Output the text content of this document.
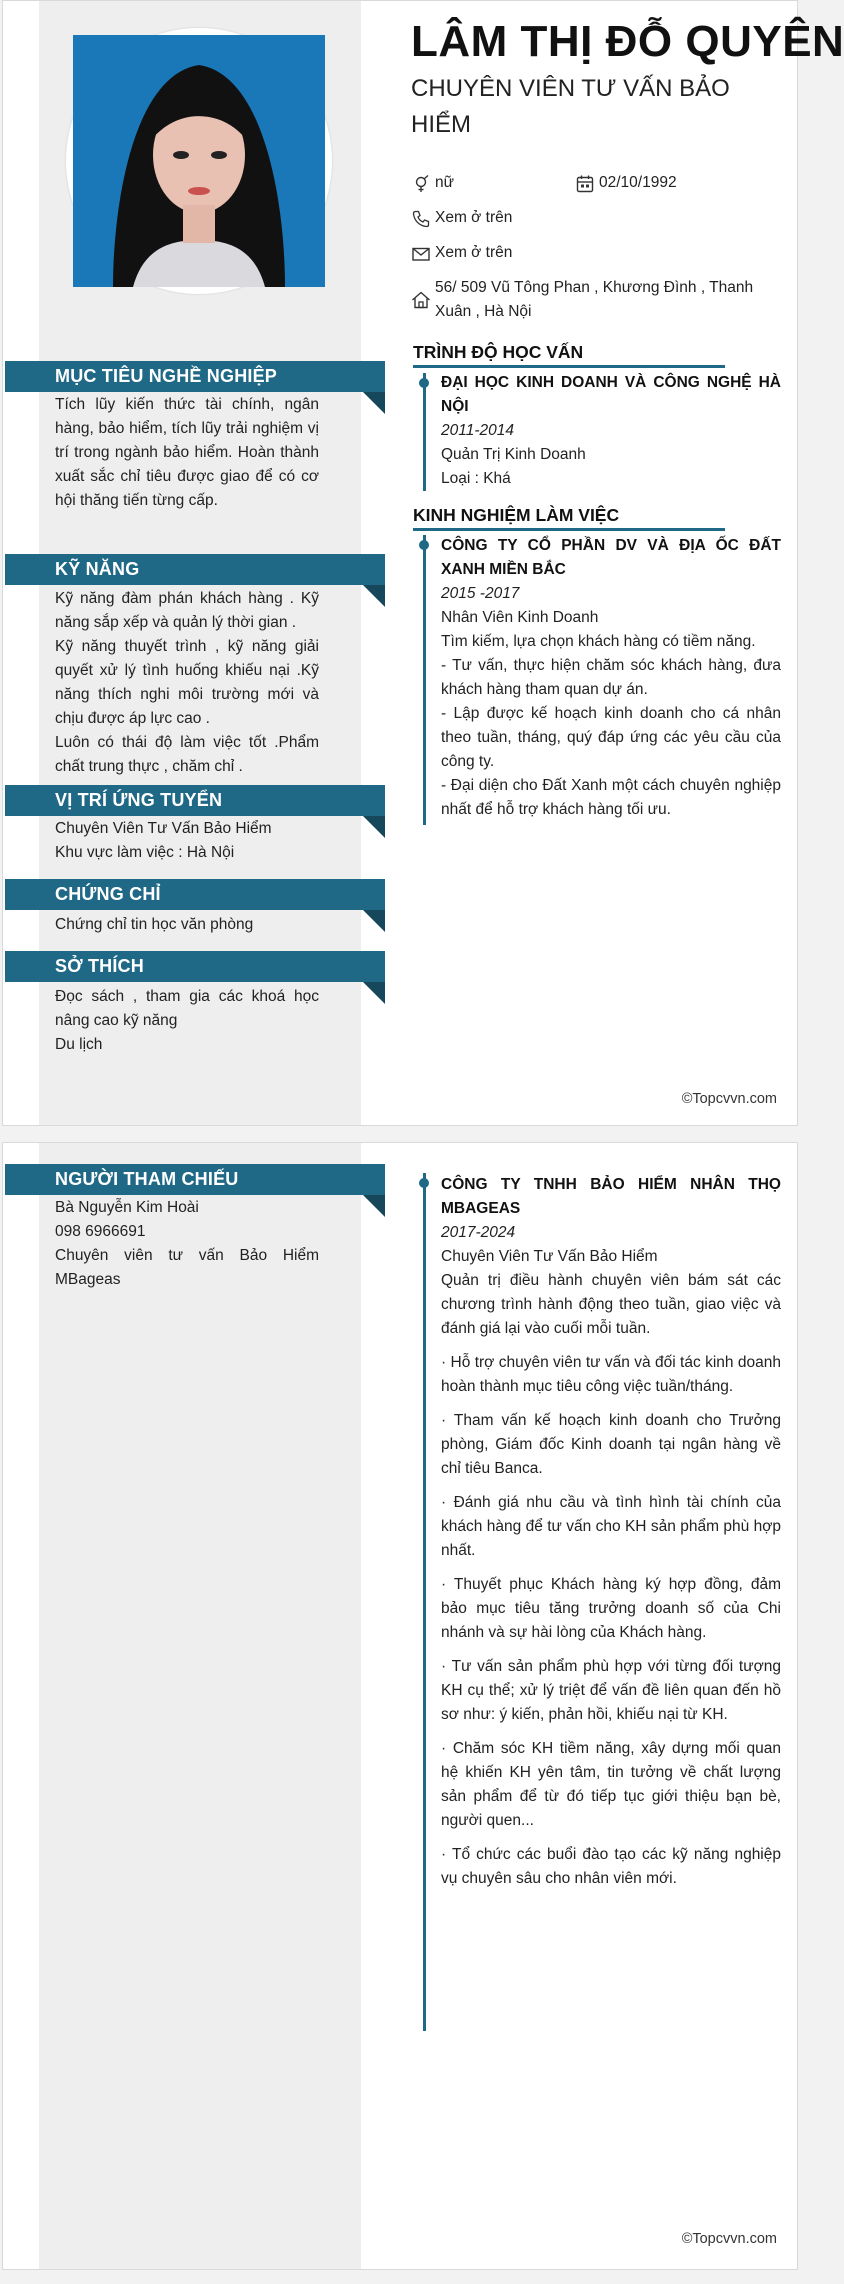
LÂM THỊ ĐỖ QUYÊN
CHUYÊN VIÊN TƯ VẤN BẢO HIỂM
nữ	02/10/1992
Xem ở trên
Xem ở trên
56/ 509 Vũ Tông Phan , Khương Đình , Thanh Xuân , Hà Nội
MỤC TIÊU NGHỀ NGHIỆP
Tích lũy kiến thức tài chính, ngân hàng, bảo hiểm, tích lũy trải nghiệm vị trí trong ngành bảo hiểm. Hoàn thành xuất sắc chỉ tiêu được giao để có cơ hội thăng tiến từng cấp.
KỸ NĂNG

Kỹ năng đàm phán khách hàng . Kỹ năng sắp xếp và quản lý thời gian .

Kỹ năng thuyết trình , kỹ năng giải quyết xử lý tình huống khiếu nại .Kỹ năng thích nghi môi trường mới và chịu được áp lực cao .

Luôn có thái độ làm việc tốt .Phẩm chất trung thực , chăm chỉ .

VỊ TRÍ ỨNG TUYỂN

Chuyên Viên Tư Vấn Bảo Hiểm

Khu vực làm việc : Hà Nội

CHỨNG CHỈ

Chứng chỉ tin học văn phòng

SỞ THÍCH

Đọc sách , tham gia các khoá học nâng cao kỹ năng

Du lịch

TRÌNH ĐỘ HỌC VẤN

ĐẠI HỌC KINH DOANH VÀ CÔNG NGHỆ HÀ NỘI

2011-2014

Quản Trị Kinh Doanh

Loại : Khá

KINH NGHIỆM LÀM VIỆC

CÔNG TY CỔ PHẦN DV VÀ ĐỊA ỐC ĐẤT XANH MIỀN BẮC

2015 -2017

Nhân Viên Kinh Doanh

Tìm kiếm, lựa chọn khách hàng có tiềm năng.

- Tư vấn, thực hiện chăm sóc khách hàng, đưa khách hàng tham quan dự án.

- Lập được kế hoạch kinh doanh cho cá nhân theo tuần, tháng, quý đáp ứng các yêu cầu của công ty.

- Đại diện cho Đất Xanh một cách chuyên nghiệp nhất để hỗ trợ khách hàng tối ưu.

©Topcvvn.com
NGƯỜI THAM CHIẾU

Bà Nguyễn Kim Hoài

098 6966691

Chuyên viên tư vấn Bảo Hiểm MBageas

CÔNG TY TNHH BẢO HIỂM NHÂN THỌ MBAGEAS

2017-2024

Chuyên Viên Tư Vấn Bảo Hiểm

Quản trị điều hành chuyên viên bám sát các chương trình hành động theo tuần, giao việc và đánh giá lại vào cuối mỗi tuần.

· Hỗ trợ chuyên viên tư vấn và đối tác kinh doanh hoàn thành mục tiêu công việc tuần/tháng.

· Tham vấn kế hoạch kinh doanh cho Trưởng phòng, Giám đốc Kinh doanh tại ngân hàng về chỉ tiêu Banca.

· Đánh giá nhu cầu và tình hình tài chính của khách hàng để tư vấn cho KH sản phẩm phù hợp nhất.

· Thuyết phục Khách hàng ký hợp đồng, đảm bảo mục tiêu tăng trưởng doanh số của Chi nhánh và sự hài lòng của Khách hàng.

· Tư vấn sản phẩm phù hợp với từng đối tượng KH cụ thể; xử lý triệt để vấn đề liên quan đến hồ sơ như: ý kiến, phản hồi, khiếu nại từ KH.

· Chăm sóc KH tiềm năng, xây dựng mối quan hệ khiến KH yên tâm, tin tưởng về chất lượng sản phẩm để từ đó tiếp tục giới thiệu bạn bè, người quen...

· Tổ chức các buổi đào tạo các kỹ năng nghiệp vụ chuyên sâu cho nhân viên mới.

©Topcvvn.com
